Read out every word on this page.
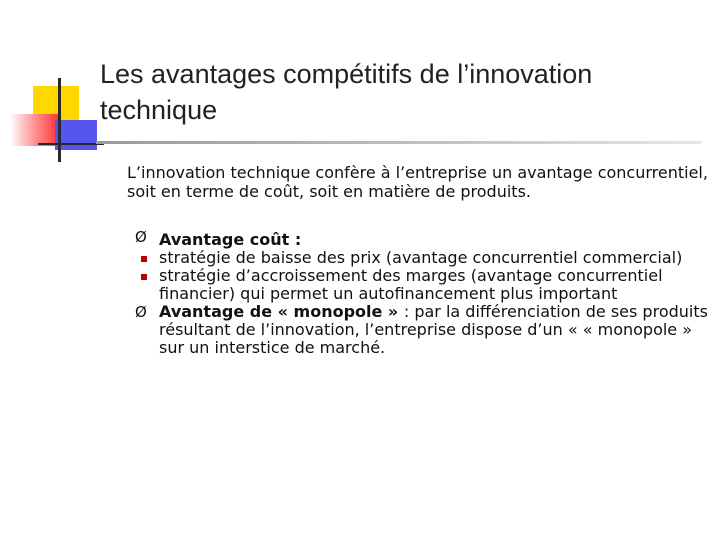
Les avantages compétitifs de l’innovation technique

L’innovation technique confère à l’entreprise un avantage concurrentiel, soit en terme de coût, soit en matière de produits.

Ø Avantage coût :
stratégie de baisse des prix (avantage concurrentiel commercial)
stratégie d’accroissement des marges (avantage concurrentiel financier) qui permet un autofinancement plus important
Ø Avantage de « monopole » : par la différenciation de ses produits résultant de l’innovation, l’entreprise dispose d’un « « monopole » sur un interstice de marché.
